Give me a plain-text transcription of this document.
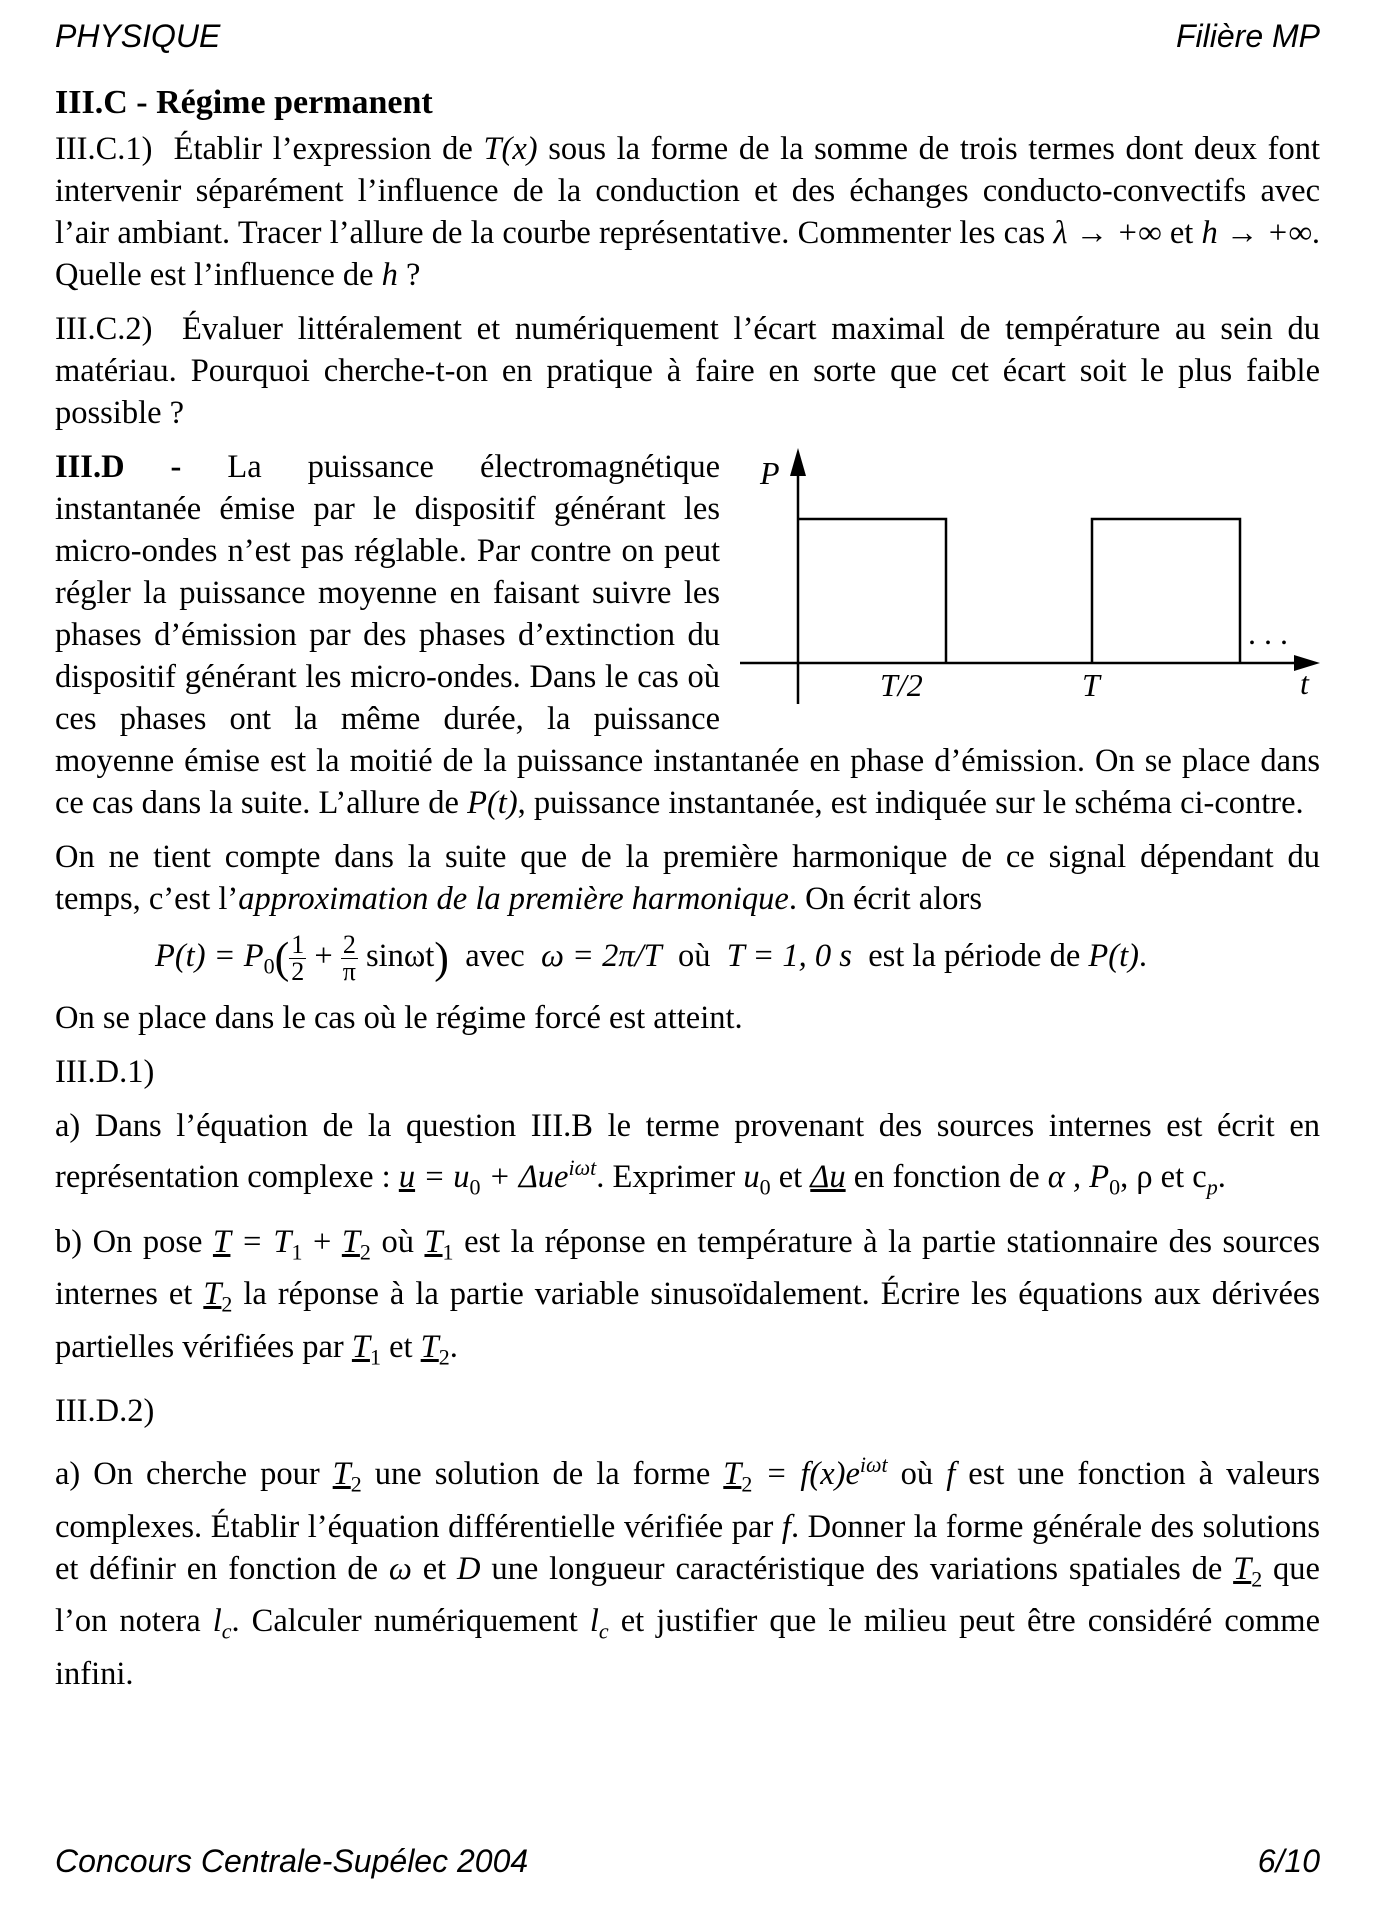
PHYSIQUE	Filière MP
III.C - Régime permanent

III.C.1) Établir l’expression de T(x) sous la forme de la somme de trois termes dont deux font intervenir séparément l’influence de la conduction et des échanges conducto-convectifs avec l’air ambiant. Tracer l’allure de la courbe représentative. Commenter les cas λ → +∞ et h → +∞. Quelle est l’influence de h ?

III.C.2) Évaluer littéralement et numériquement l’écart maximal de température au sein du matériau. Pourquoi cherche-t-on en pratique à faire en sorte que cet écart soit le plus faible possible ?

P
t
T/2	T
. . .

III.D - La puissance électromagnétique instantanée émise par le dispositif générant les micro-ondes n’est pas réglable. Par contre on peut régler la puissance moyenne en faisant suivre les phases d’émission par des phases d’extinction du dispositif générant les micro-ondes. Dans le cas où ces phases ont la même durée, la puissance moyenne émise est la moitié de la puissance instantanée en phase d’émission. On se place dans ce cas dans la suite. L’allure de P(t), puissance instantanée, est indiquée sur le schéma ci-contre.

On ne tient compte dans la suite que de la première harmonique de ce signal dépendant du temps, c’est l’approximation de la première harmonique. On écrit alors

$P(t) = P_0( \frac{1}{2} + \frac{2}{\pi} \sin\omega t)$ avec ω = 2π/T où T = 1, 0 s est la période de P(t).

On se place dans le cas où le régime forcé est atteint.

III.D.1)

a) Dans l’équation de la question III.B le terme provenant des sources internes est écrit en représentation complexe : $u = u_0 + \Delta ue^{i\omega t}$. Exprimer $u_0$ et Δu en fonction de α , $P_0$, ρ et $c_p$.

b) On pose $T = T_1 + T_2$ où $T_1$ est la réponse en température à la partie stationnaire des sources internes et $T_2$ la réponse à la partie variable sinusoïdalement. Écrire les équations aux dérivées partielles vérifiées par $T_1$ et $T_2$.

III.D.2)

a) On cherche pour $T_2$ une solution de la forme $T_2 = f(x)e^{i\omega t}$ où f est une fonction à valeurs complexes. Établir l’équation différentielle vérifiée par f. Donner la forme générale des solutions et définir en fonction de ω et D une longueur caractéristique des variations spatiales de $T_2$ que l’on notera $l_c$. Calculer numériquement $l_c$ et justifier que le milieu peut être considéré comme infini.

Concours Centrale-Supélec 2004	6/10
